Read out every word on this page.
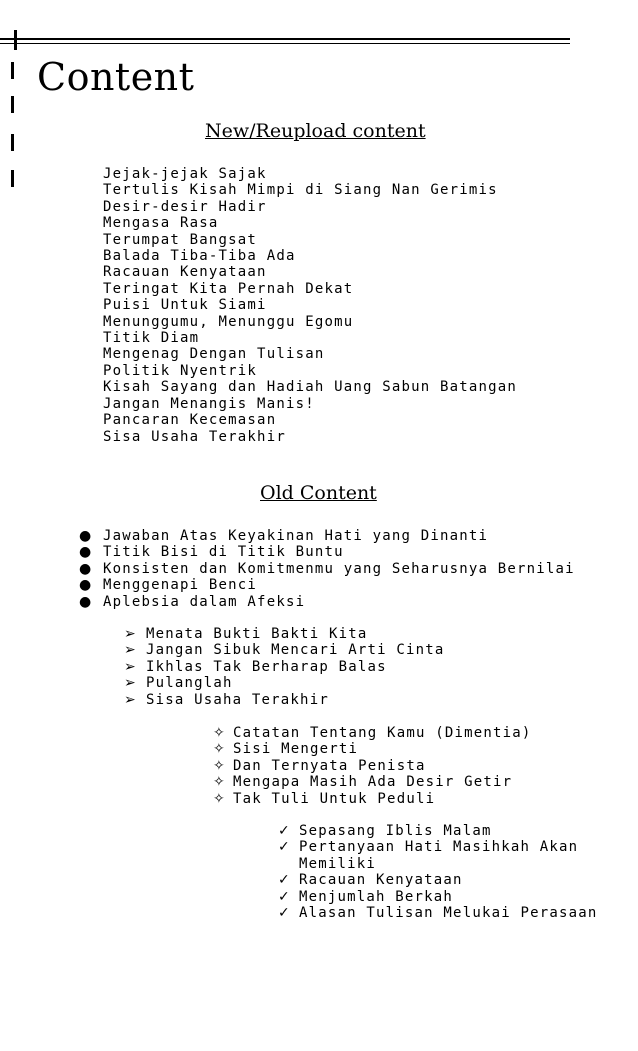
Content
New/Reupload content
Jejak-jejak Sajak
Tertulis Kisah Mimpi di Siang Nan Gerimis
Desir-desir Hadir
Mengasa Rasa
Terumpat Bangsat
Balada Tiba-Tiba Ada
Racauan Kenyataan
Teringat Kita Pernah Dekat
Puisi Untuk Siami
Menunggumu, Menunggu Egomu
Titik Diam
Mengenag Dengan Tulisan
Politik Nyentrik
Kisah Sayang dan Hadiah Uang Sabun Batangan
Jangan Menangis Manis!
Pancaran Kecemasan
Sisa Usaha Terakhir
Old Content
● Jawaban Atas Keyakinan Hati yang Dinanti
● Titik Bisi di Titik Buntu
● Konsisten dan Komitmenmu yang Seharusnya Bernilai
● Menggenapi Benci
● Aplebsia dalam Afeksi
➢ Menata Bukti Bakti Kita
➢ Jangan Sibuk Mencari Arti Cinta
➢ Ikhlas Tak Berharap Balas
➢ Pulanglah
➢ Sisa Usaha Terakhir
✧ Catatan Tentang Kamu (Dimentia)
✧ Sisi Mengerti
✧ Dan Ternyata Penista
✧ Mengapa Masih Ada Desir Getir
✧ Tak Tuli Untuk Peduli
✓ Sepasang Iblis Malam
✓ Pertanyaan Hati Masihkah Akan Memiliki
✓ Racauan Kenyataan
✓ Menjumlah Berkah
✓ Alasan Tulisan Melukai Perasaan
